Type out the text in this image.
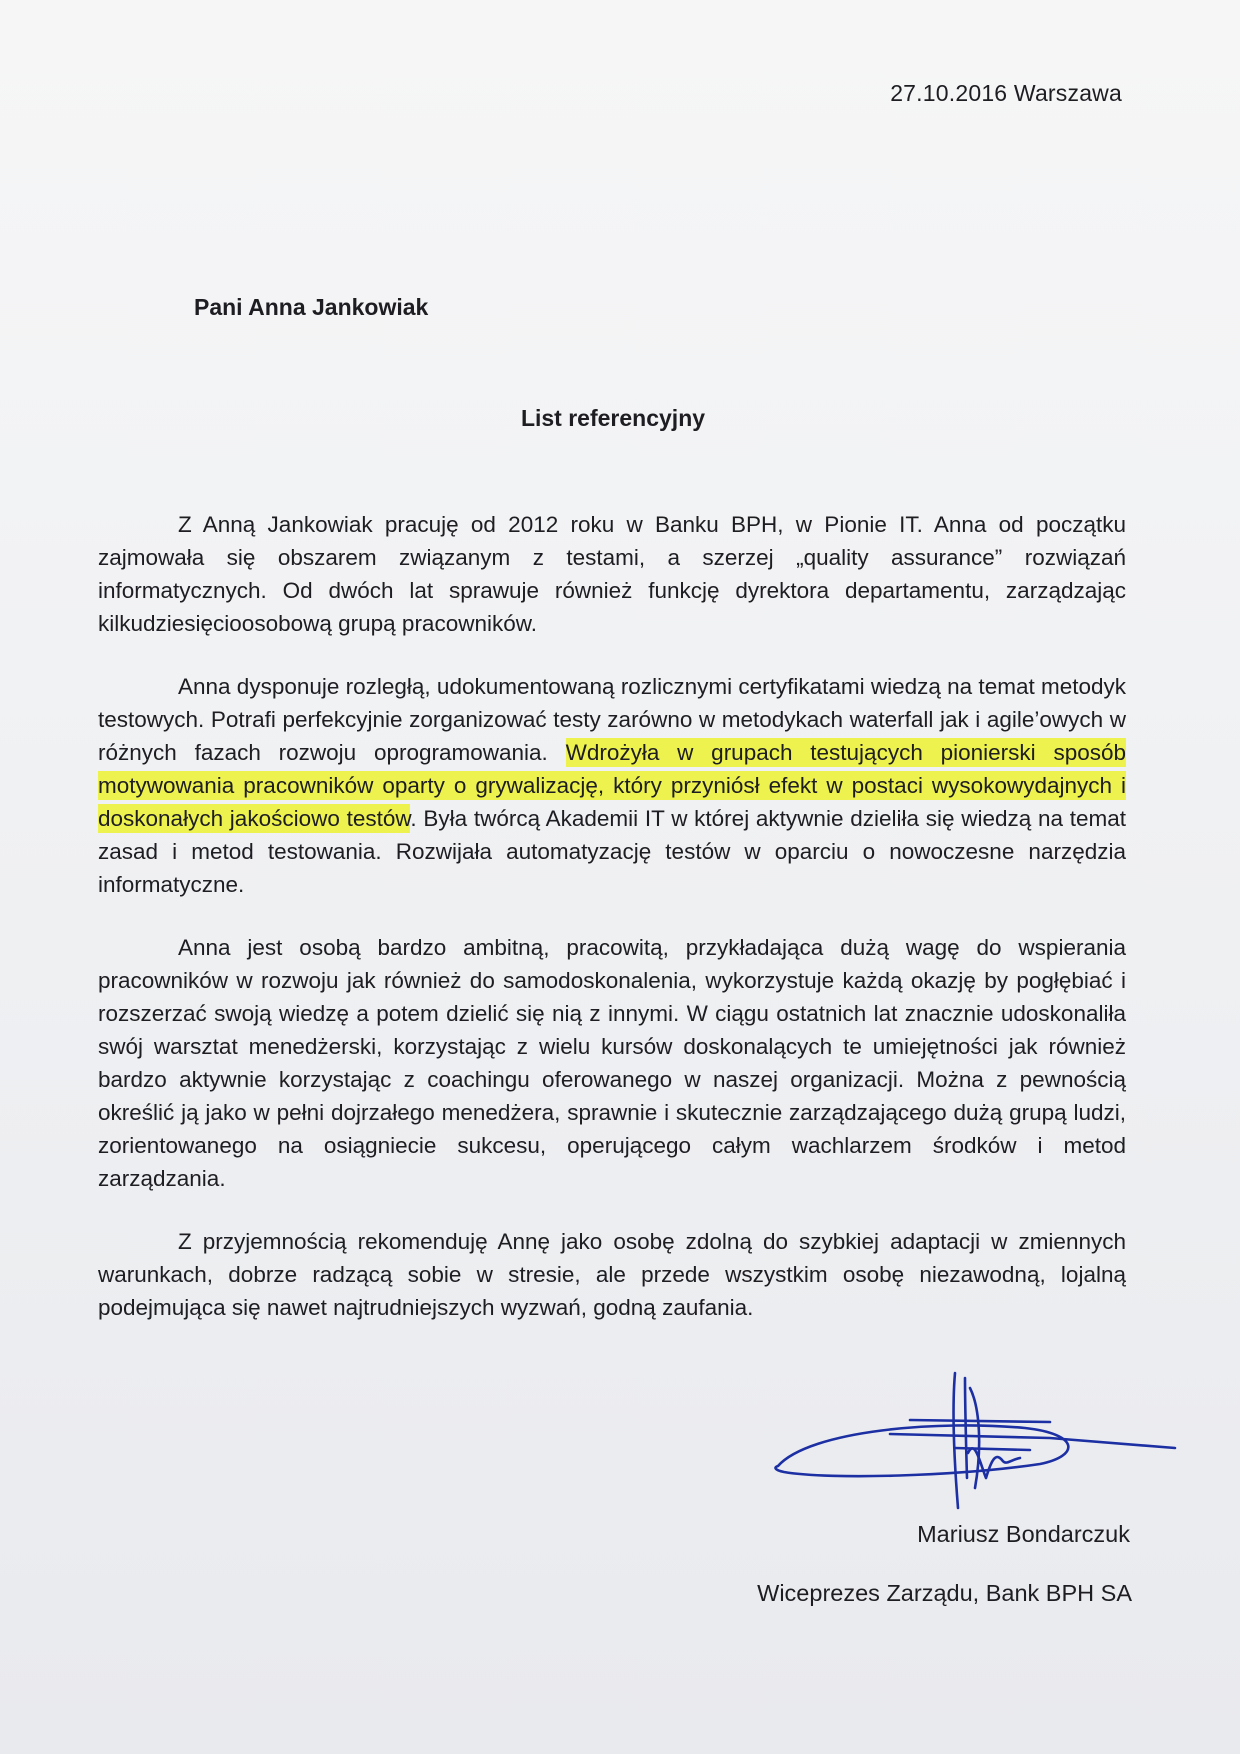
27.10.2016 Warszawa
Pani Anna Jankowiak
List referencyjny

Z Anną Jankowiak pracuję od 2012 roku w Banku BPH, w Pionie IT. Anna od początku zajmowała się obszarem związanym z testami, a szerzej „quality assurance” rozwiązań informatycznych. Od dwóch lat sprawuje również funkcję dyrektora departamentu, zarządzając kilkudziesięcioosobową grupą pracowników.

Anna dysponuje rozległą, udokumentowaną rozlicznymi certyfikatami wiedzą na temat metodyk testowych. Potrafi perfekcyjnie zorganizować testy zarówno w metodykach waterfall jak i agile’owych w różnych fazach rozwoju oprogramowania. Wdrożyła w grupach testujących pionierski sposób motywowania pracowników oparty o grywalizację, który przyniósł efekt w postaci wysokowydajnych i doskonałych jakościowo testów. Była twórcą Akademii IT w której aktywnie dzieliła się wiedzą na temat zasad i metod testowania. Rozwijała automatyzację testów w oparciu o nowoczesne narzędzia informatyczne.

Anna jest osobą bardzo ambitną, pracowitą, przykładająca dużą wagę do wspierania pracowników w rozwoju jak również do samodoskonalenia, wykorzystuje każdą okazję by pogłębiać i rozszerzać swoją wiedzę a potem dzielić się nią z innymi. W ciągu ostatnich lat znacznie udoskonaliła swój warsztat menedżerski, korzystając z wielu kursów doskonalących te umiejętności jak również bardzo aktywnie korzystając z coachingu oferowanego w naszej organizacji. Można z pewnością określić ją jako w pełni dojrzałego menedżera, sprawnie i skutecznie zarządzającego dużą grupą ludzi, zorientowanego na osiągniecie sukcesu, operującego całym wachlarzem środków i metod zarządzania.

Z przyjemnością rekomenduję Annę jako osobę zdolną do szybkiej adaptacji w zmiennych warunkach, dobrze radzącą sobie w stresie, ale przede wszystkim osobę niezawodną, lojalną podejmująca się nawet najtrudniejszych wyzwań, godną zaufania.

Mariusz Bondarczuk
Wiceprezes Zarządu, Bank BPH SA
